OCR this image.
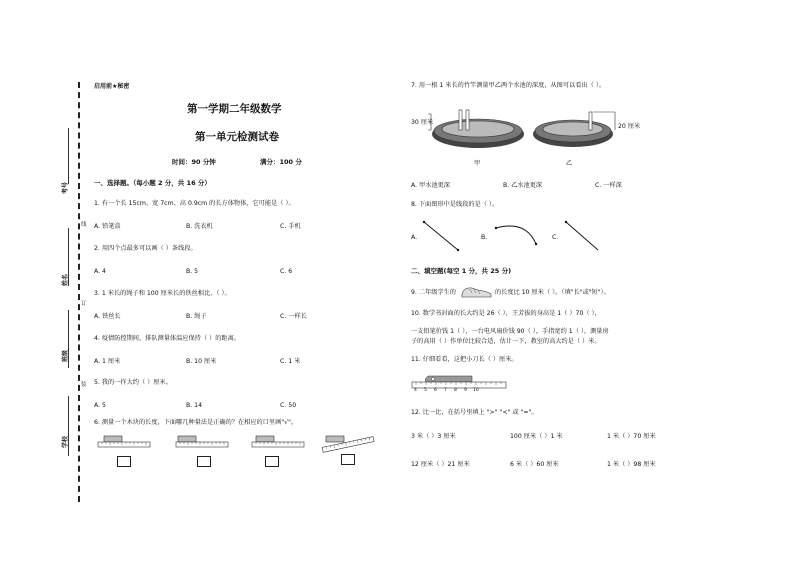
考号
姓名
班级
学校
线
订
装
启用前★秘密
第一学期二年级数学
第一单元检测试卷
时间：90 分钟	满分：100 分
一、选择题。（每小题 2 分，共 16 分）
1. 有一个长 15cm、宽 7cm、高 0.9cm 的长方体物体，它可能是（ ）。
A. 铅笔盒	B. 洗衣机	C. 手机
2. 用四个点最多可以画（ ）条线段。
A. 4	B. 5	C. 6
3. 1 米长的绳子和 100 厘米长的铁丝相比，（ ）。
A. 铁丝长	B. 绳子	C. 一样长
4. 疫情防控期间，排队测量体温应保持（ ）的距离。
A. 1 厘米	B. 10 厘米	C. 1 米
5. 我的一拃大约（ ）厘米。
A. 5	B. 14	C. 50
6. 测量一个木块的长度，下面哪几种量法是正确的？在相应的口里画"√"。
7. 用一根 1 米长的竹竿测量甲乙两个水池的深度，从图可以看出（ ）。
30 厘米
20 厘米
甲	乙
A. 甲水池更深	B. 乙水池更深	C. 一样深
8. 下面图形中是线段的是（ ）。
A.	B.	C.
二、填空题(每空 1 分，共 25 分)
9. 二年级学生的	的长度比 10 厘米（ ）。（填"长"或"短"）。
10. 数学书封面的长大约是 26（ ），王芳拔的身高是 1（ ）70（ ），
一支铅笔价钱 1（ ），一台电风扇价钱 90（ ），手指宽约 1（ ），测量房
子的高用（ ）作单位比较合适，估计一下，教室的高大约是（ ）米。
11. 仔细看看，这把小刀长（ ）厘米。
4 5 6 7 8 9 10
12. 比一比，在括号里填上 ">" "<" 或 "="。
3 米（ ）3 厘米	100 厘米（ ）1 米	1 米（ ）70 厘米
12 厘米（ ）21 厘米	6 米（ ）60 厘米	1 米（ ）98 厘米
